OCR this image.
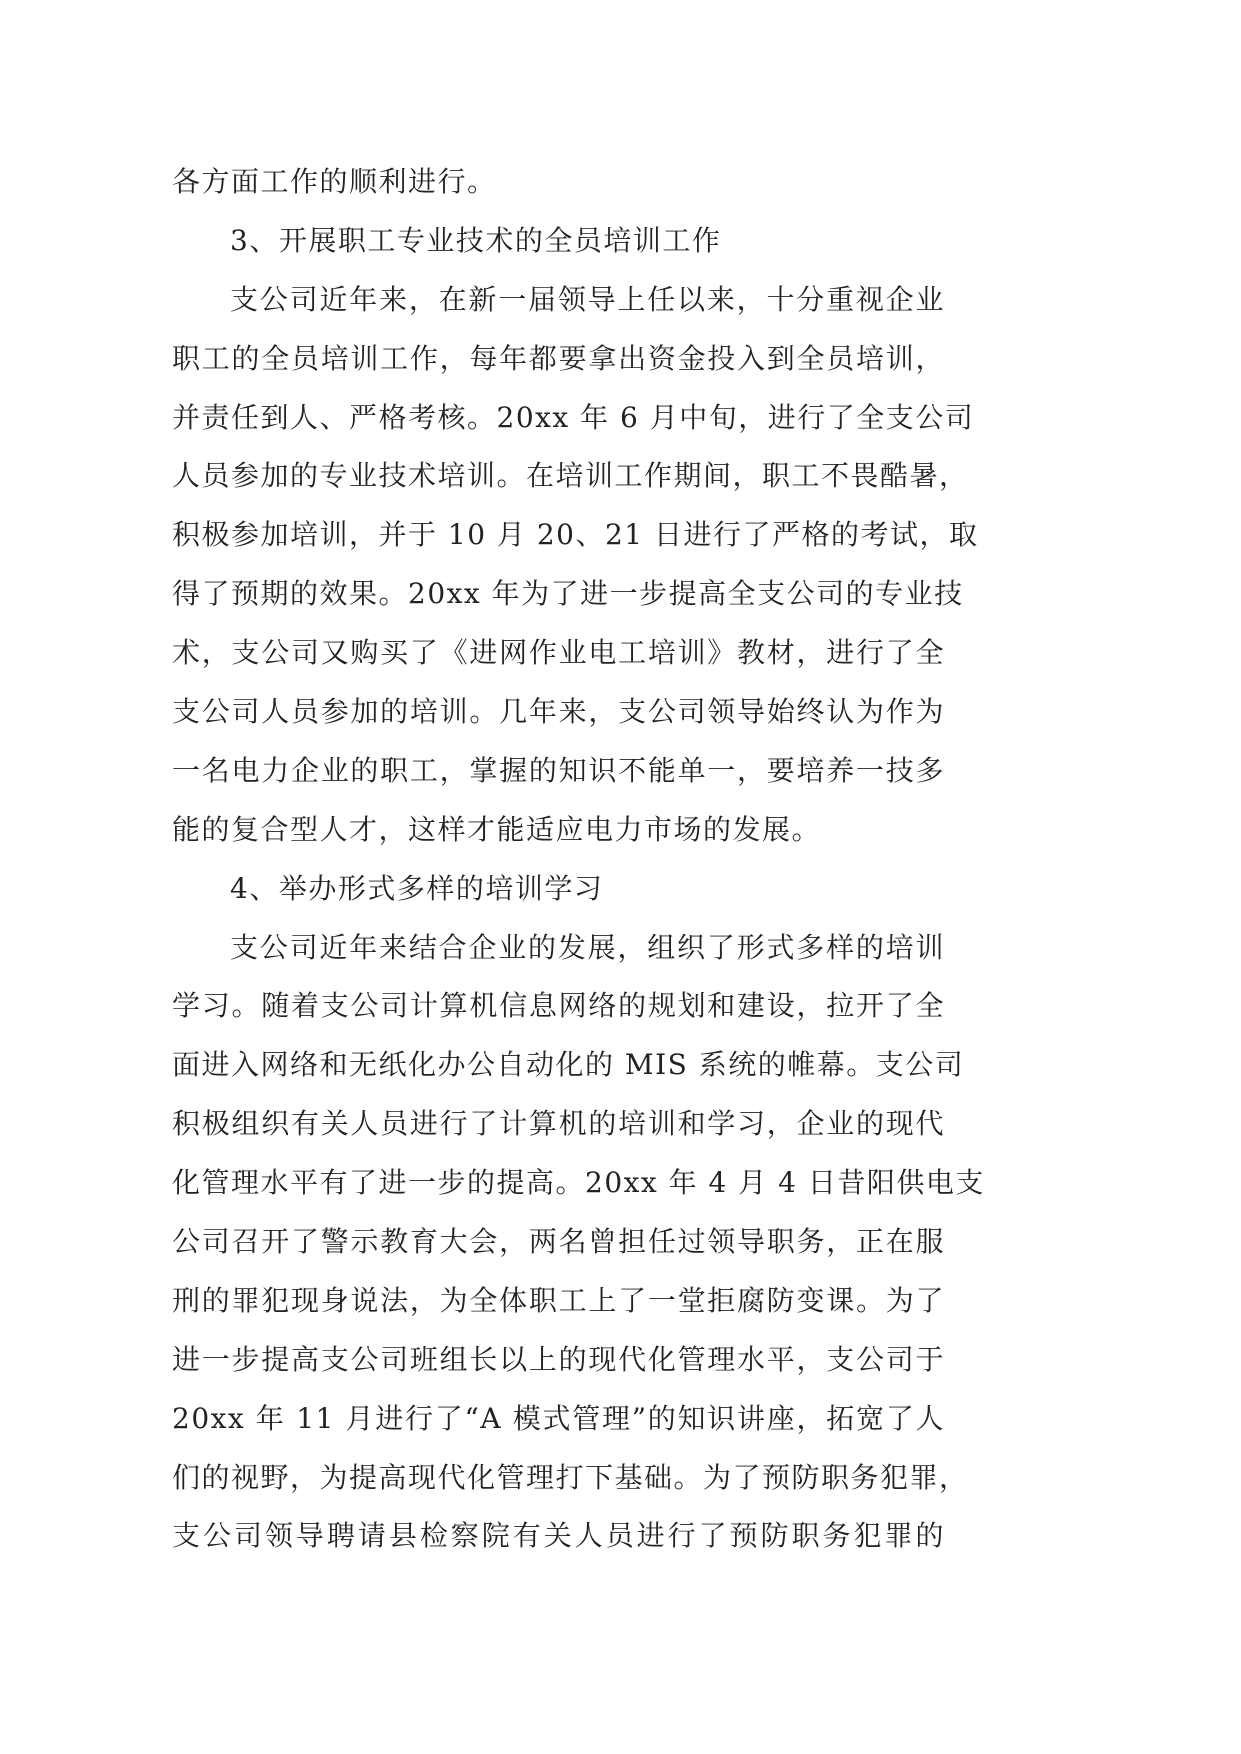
各方面工作的顺利进行。
3、开展职工专业技术的全员培训工作
支公司近年来，在新一届领导上任以来，十分重视企业
职工的全员培训工作，每年都要拿出资金投入到全员培训，
并责任到人、严格考核。20xx 年 6 月中旬，进行了全支公司
人员参加的专业技术培训。在培训工作期间，职工不畏酷暑，
积极参加培训，并于 10 月 20、21 日进行了严格的考试，取
得了预期的效果。20xx 年为了进一步提高全支公司的专业技
术，支公司又购买了《进网作业电工培训》教材，进行了全
支公司人员参加的培训。几年来，支公司领导始终认为作为
一名电力企业的职工，掌握的知识不能单一，要培养一技多
能的复合型人才，这样才能适应电力市场的发展。
4、举办形式多样的培训学习
支公司近年来结合企业的发展，组织了形式多样的培训
学习。随着支公司计算机信息网络的规划和建设，拉开了全
面进入网络和无纸化办公自动化的 MIS 系统的帷幕。支公司
积极组织有关人员进行了计算机的培训和学习，企业的现代
化管理水平有了进一步的提高。20xx 年 4 月 4 日昔阳供电支
公司召开了警示教育大会，两名曾担任过领导职务，正在服
刑的罪犯现身说法，为全体职工上了一堂拒腐防变课。为了
进一步提高支公司班组长以上的现代化管理水平，支公司于
20xx 年 11 月进行了“A 模式管理”的知识讲座，拓宽了人
们的视野，为提高现代化管理打下基础。为了预防职务犯罪，
支公司领导聘请县检察院有关人员进行了预防职务犯罪的
